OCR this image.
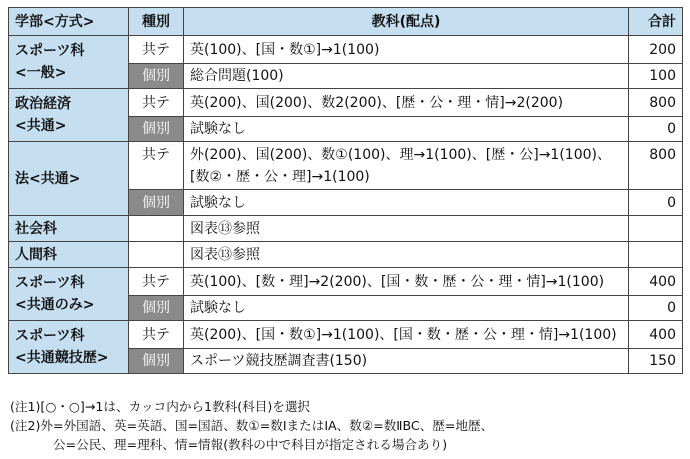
学部<方式>	種別	教科(配点)	合計

スポーツ科
<一般>	共テ	英(100)、[国・数①]→1(100)	200
	個別	総合問題(100)	100

政治経済
<共通>	共テ	英(200)、国(200)、数2(200)、[歴・公・理・情]→2(200)	800
	個別	試験なし	0

法<共通>	共テ	外(200)、国(200)、数①(100)、理→1(100)、[歴・公]→1(100)、
[数②・歴・公・理]→1(100)	800
	個別	試験なし	0

社会科		図表⑬参照	

人間科		図表⑬参照	

スポーツ科
<共通のみ>	共テ	英(100)、[数・理]→2(200)、[国・数・歴・公・理・情]→1(100)	400
	個別	試験なし	0

スポーツ科
<共通競技歴>	共テ	英(200)、[国・数①]→1(100)、[国・数・歴・公・理・情]→1(100)	400
	個別	スポーツ競技歴調査書(150)	150
(注1)[○・○]→1は、カッコ内から1教科(科目)を選択
(注2)外=外国語、英=英語、国=国語、数①=数ⅠまたはⅠA、数②=数ⅡBC、歴=地歴、
公=公民、理=理科、情=情報(教科の中で科目が指定される場合あり)
